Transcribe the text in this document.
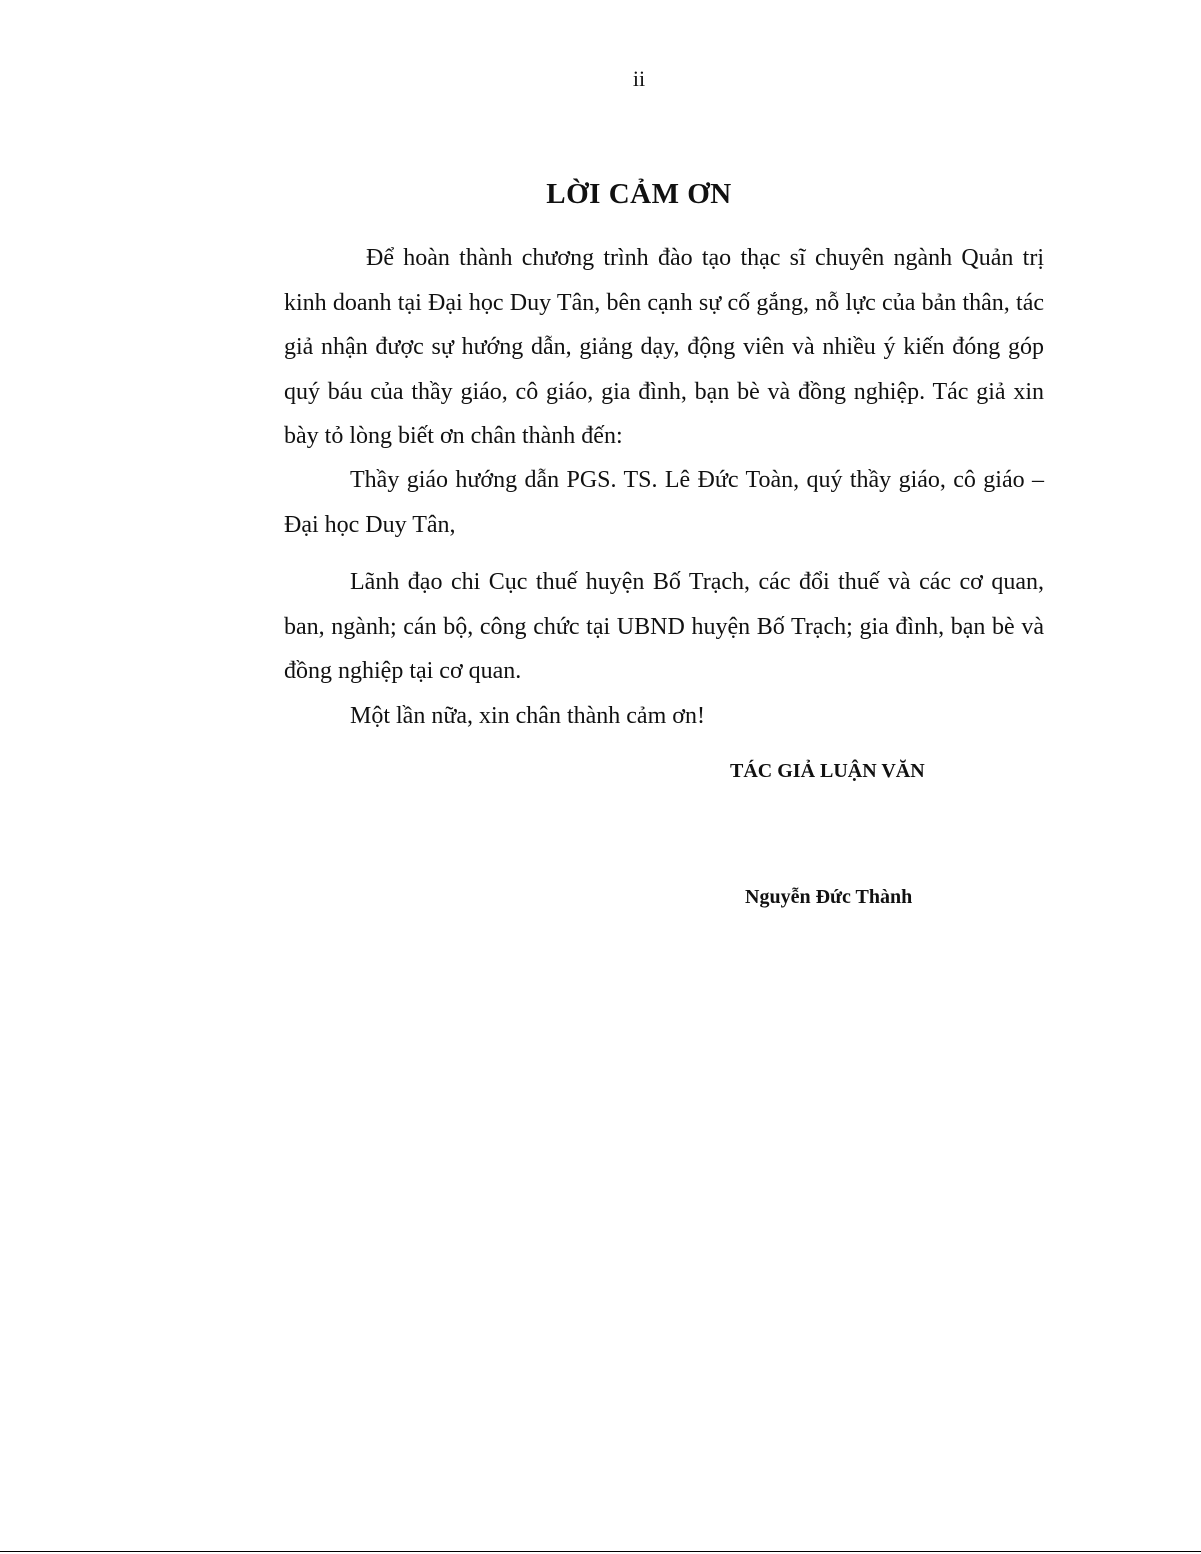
ii
LỜI CẢM ƠN

Để hoàn thành chương trình đào tạo thạc sĩ chuyên ngành Quản trị kinh doanh tại Đại học Duy Tân, bên cạnh sự cố gắng, nỗ lực của bản thân, tác giả nhận được sự hướng dẫn, giảng dạy, động viên và nhiều ý kiến đóng góp quý báu của thầy giáo, cô giáo, gia đình, bạn bè và đồng nghiệp. Tác giả xin bày tỏ lòng biết ơn chân thành đến:

Thầy giáo hướng dẫn PGS. TS. Lê Đức Toàn, quý thầy giáo, cô giáo – Đại học Duy Tân,

Lãnh đạo chi Cục thuế huyện Bố Trạch, các đổi thuế và các cơ quan, ban, ngành; cán bộ, công chức tại UBND huyện Bố Trạch; gia đình, bạn bè và đồng nghiệp tại cơ quan.

Một lần nữa, xin chân thành cảm ơn!

TÁC GIẢ LUẬN VĂN
Nguyễn Đức Thành
